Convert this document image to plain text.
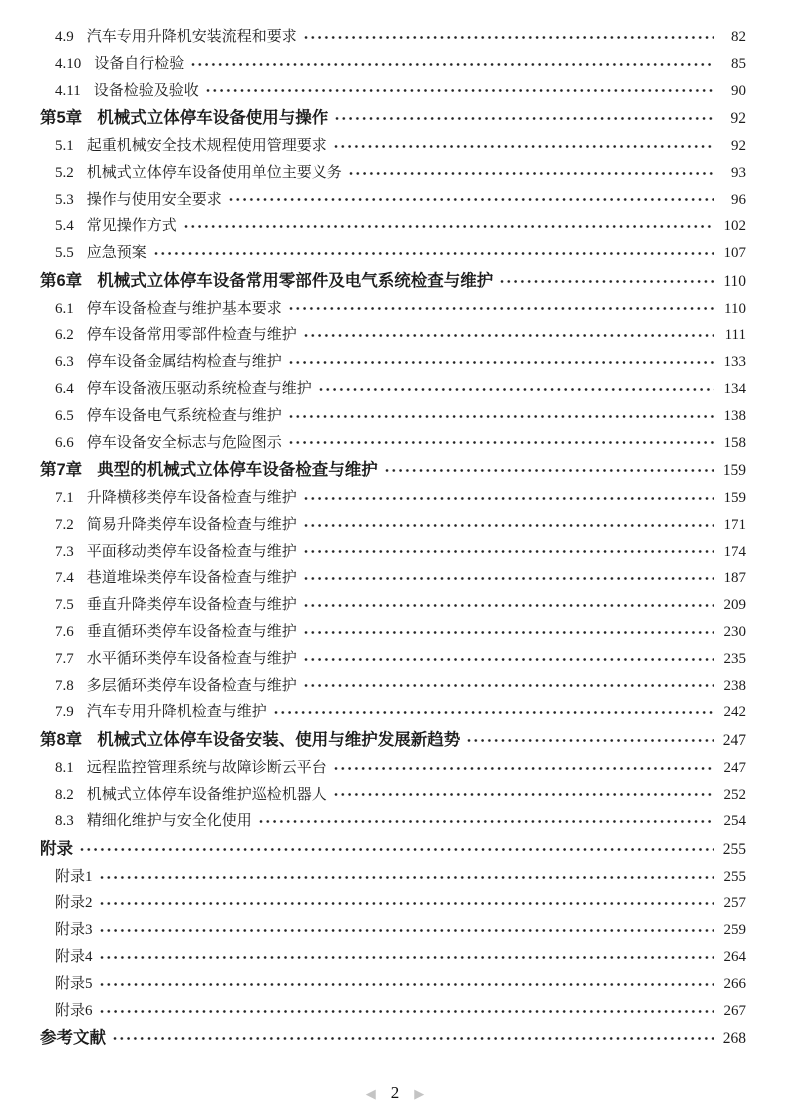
4.9 汽车专用升降机安装流程和要求	82
4.10 设备自行检验	85
4.11 设备检验及验收	90
第5章 机械式立体停车设备使用与操作	92
5.1 起重机械安全技术规程使用管理要求	92
5.2 机械式立体停车设备使用单位主要义务	93
5.3 操作与使用安全要求	96
5.4 常见操作方式	102
5.5 应急预案	107
第6章 机械式立体停车设备常用零部件及电气系统检查与维护	110
6.1 停车设备检查与维护基本要求	110
6.2 停车设备常用零部件检查与维护	111
6.3 停车设备金属结构检查与维护	133
6.4 停车设备液压驱动系统检查与维护	134
6.5 停车设备电气系统检查与维护	138
6.6 停车设备安全标志与危险图示	158
第7章 典型的机械式立体停车设备检查与维护	159
7.1 升降横移类停车设备检查与维护	159
7.2 简易升降类停车设备检查与维护	171
7.3 平面移动类停车设备检查与维护	174
7.4 巷道堆垛类停车设备检查与维护	187
7.5 垂直升降类停车设备检查与维护	209
7.6 垂直循环类停车设备检查与维护	230
7.7 水平循环类停车设备检查与维护	235
7.8 多层循环类停车设备检查与维护	238
7.9 汽车专用升降机检查与维护	242
第8章 机械式立体停车设备安装、使用与维护发展新趋势	247
8.1 远程监控管理系统与故障诊断云平台	247
8.2 机械式立体停车设备维护巡检机器人	252
8.3 精细化维护与安全化使用	254
附录	255
附录1	255
附录2	257
附录3	259
附录4	264
附录5	266
附录6	267
参考文献	268
◀ 2 ▶
